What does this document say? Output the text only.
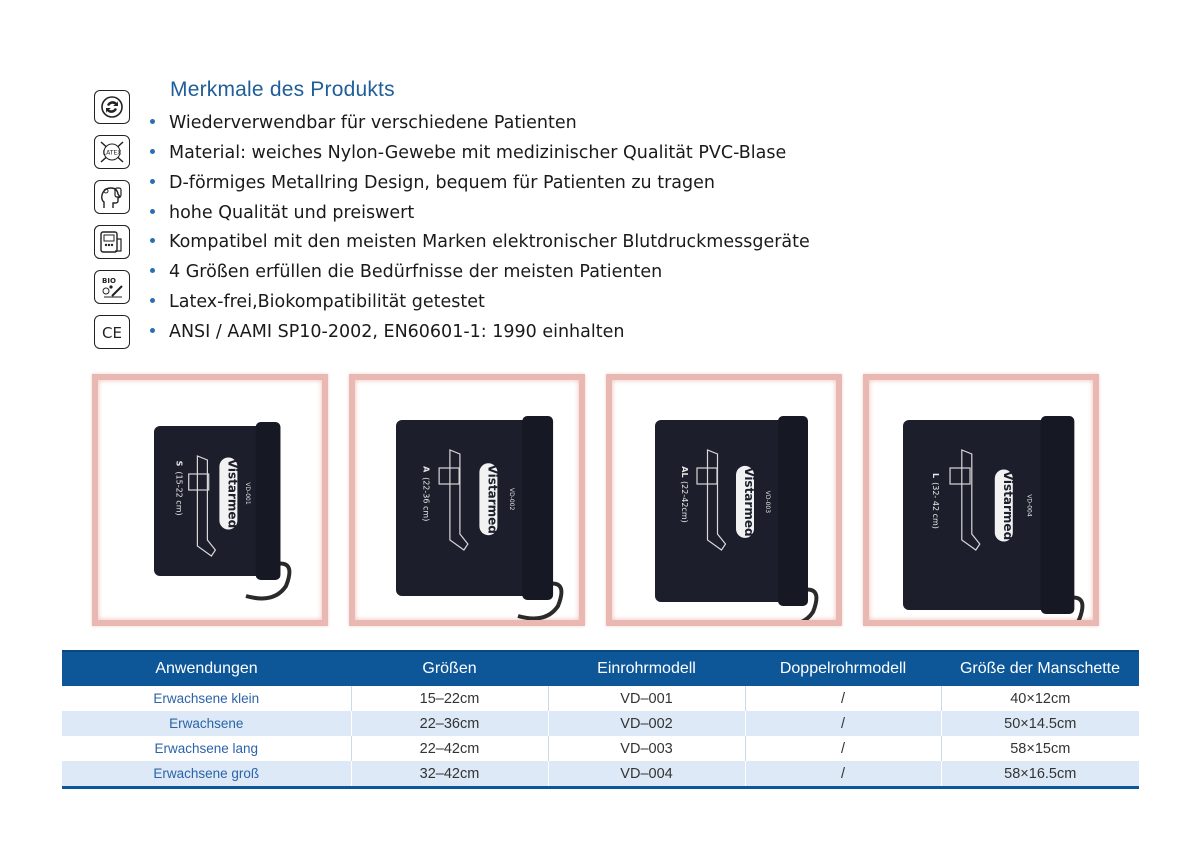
LATEX
BIO
CE
Merkmale des Produkts
Wiederverwendbar für verschiedene Patienten
Material: weiches Nylon-Gewebe mit medizinischer Qualität PVC-Blase
D-förmiges Metallring Design, bequem für Patienten zu tragen
hohe Qualität und preiswert
Kompatibel mit den meisten Marken elektronischer Blutdruckmessgeräte
4 Größen erfüllen die Bedürfnisse der meisten Patienten
Latex-frei,Biokompatibilität getestet
ANSI / AAMI SP10-2002, EN60601-1: 1990 einhalten
Vistarmed
(15-22 cm)
S
VD-001	Vistarmed
(22-36 cm)
A
VD-002	Vistarmed
(22-42cm)
AL
VD-003	Vistarmed
(32- 42 cm)
L
VD-004
Anwendungen	Größen	Einrohrmodell	Doppelrohrmodell	Größe der Manschette
Erwachsene klein	15–22cm	VD–001	/	40×12cm
Erwachsene	22–36cm	VD–002	/	50×14.5cm
Erwachsene lang	22–42cm	VD–003	/	58×15cm
Erwachsene groß	32–42cm	VD–004	/	58×16.5cm
